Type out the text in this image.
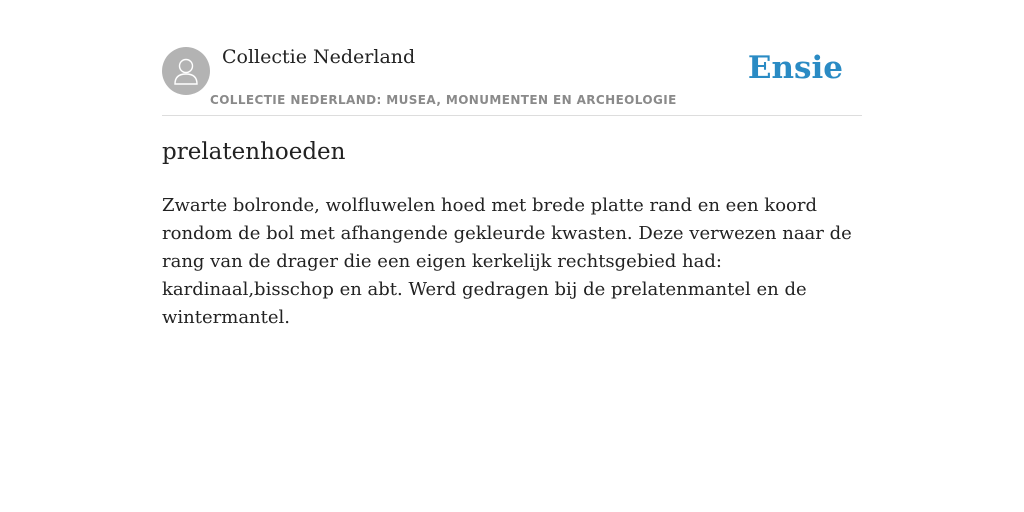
Collectie Nederland
COLLECTIE NEDERLAND: MUSEA, MONUMENTEN EN ARCHEOLOGIE
Ensie
prelatenhoeden

Zwarte bolronde, wolfluwelen hoed met brede platte rand en een koord rondom de bol met afhangende gekleurde kwasten. Deze verwezen naar de rang van de drager die een eigen kerkelijk rechtsgebied had: kardinaal,bisschop en abt. Werd gedragen bij de prelatenmantel en de wintermantel.
